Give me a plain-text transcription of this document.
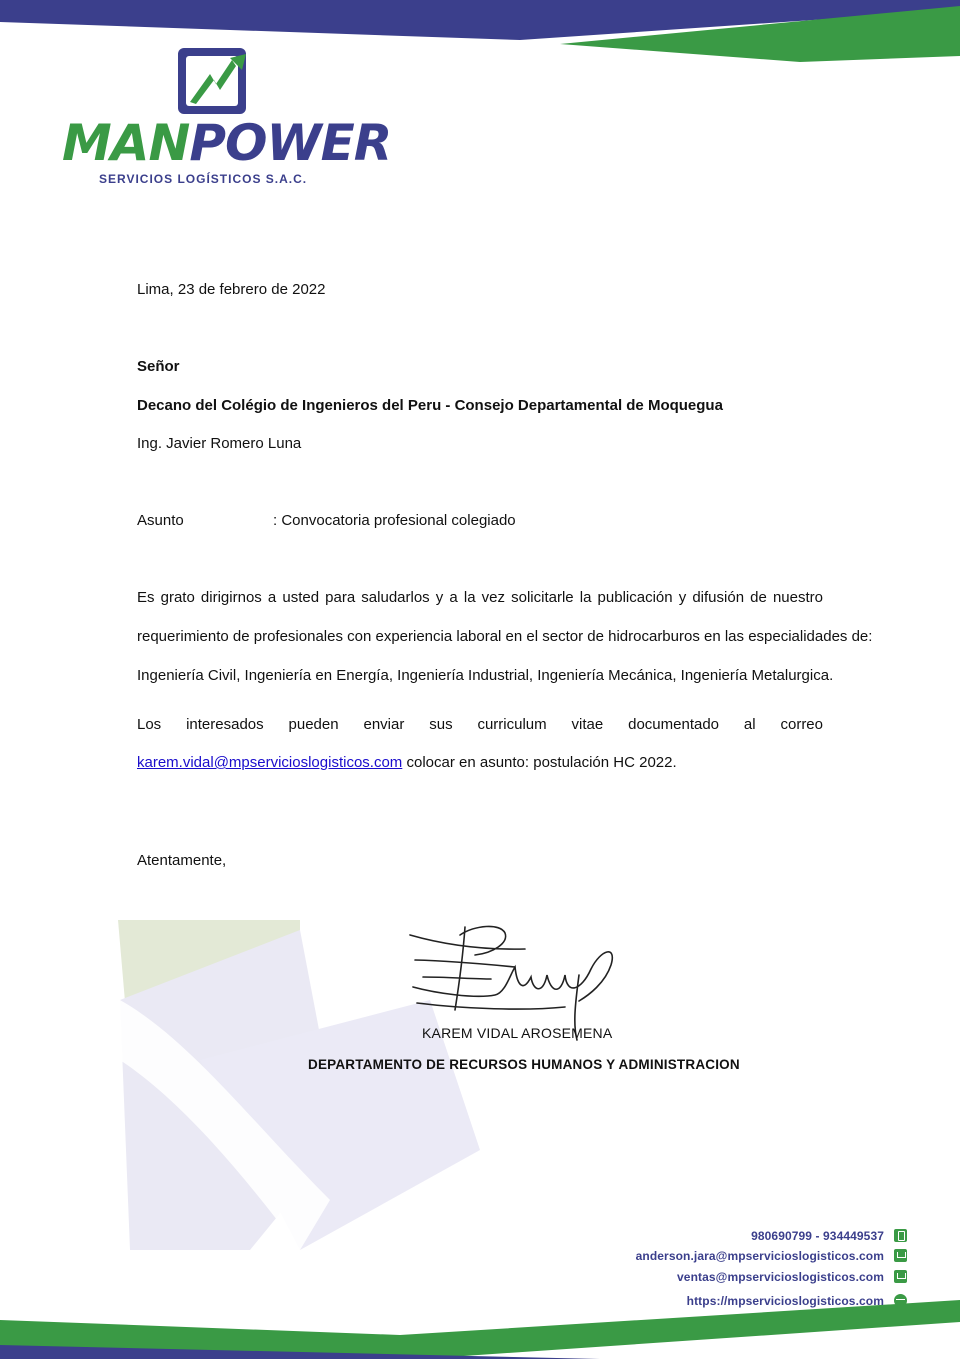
MANPOWER
SERVICIOS LOGÍSTICOS S.A.C.
Lima, 23 de febrero de 2022
Señor
Decano del Colégio de Ingenieros del Peru - Consejo Departamental de Moquegua
Ing. Javier Romero Luna
Asunto	: Convocatoria profesional colegiado
Es grato dirigirnos a usted para saludarlos y a la vez solicitarle la publicación y difusión de nuestro
requerimiento de profesionales con experiencia laboral en el sector de hidrocarburos en las especialidades de:
Ingeniería Civil, Ingeniería en Energía, Ingeniería Industrial, Ingeniería Mecánica, Ingeniería Metalurgica.
Los interesados pueden enviar sus curriculum vitae documentado al correo
karem.vidal@mpservicioslogisticos.com colocar en asunto: postulación HC 2022.
Atentamente,
KAREM VIDAL AROSEMENA
DEPARTAMENTO DE RECURSOS HUMANOS Y ADMINISTRACION
980690799 - 934449537
anderson.jara@mpservicioslogisticos.com
ventas@mpservicioslogisticos.com
https://mpservicioslogisticos.com
